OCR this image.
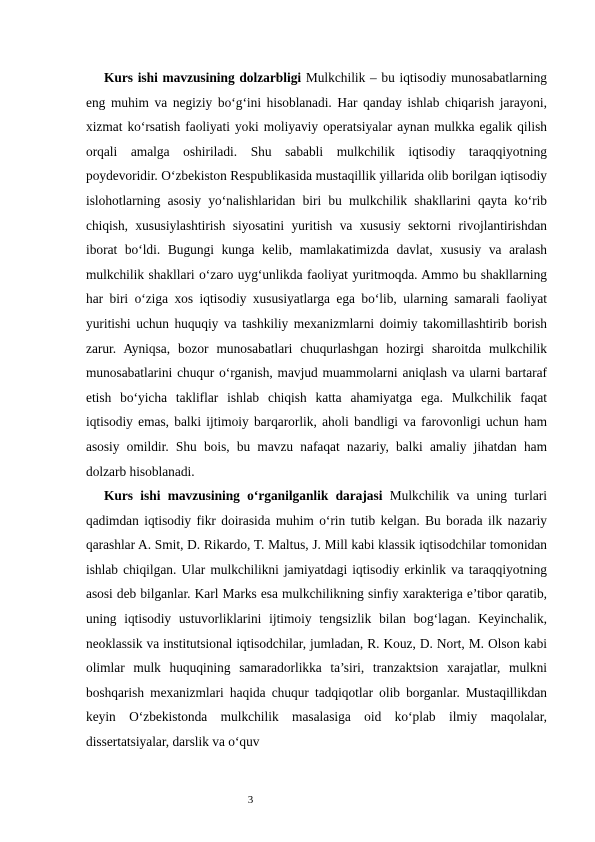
Kurs ishi mavzusining dolzarbligi Mulkchilik – bu iqtisodiy munosabatlarning eng muhim va negiziy bo‘g‘ini hisoblanadi. Har qanday ishlab chiqarish jarayoni, xizmat ko‘rsatish faoliyati yoki moliyaviy operatsiyalar aynan mulkka egalik qilish orqali amalga oshiriladi. Shu sababli mulkchilik iqtisodiy taraqqiyotning poydevoridir. O‘zbekiston Respublikasida mustaqillik yillarida olib borilgan iqtisodiy islohotlarning asosiy yo‘nalishlaridan biri bu mulkchilik shakllarini qayta ko‘rib chiqish, xususiylashtirish siyosatini yuritish va xususiy sektorni rivojlantirishdan iborat bo‘ldi. Bugungi kunga kelib, mamlakatimizda davlat, xususiy va aralash mulkchilik shakllari o‘zaro uyg‘unlikda faoliyat yuritmoqda. Ammo bu shakllarning har biri o‘ziga xos iqtisodiy xususiyatlarga ega bo‘lib, ularning samarali faoliyat yuritishi uchun huquqiy va tashkiliy mexanizmlarni doimiy takomillashtirib borish zarur. Ayniqsa, bozor munosabatlari chuqurlashgan hozirgi sharoitda mulkchilik munosabatlarini chuqur o‘rganish, mavjud muammolarni aniqlash va ularni bartaraf etish bo‘yicha takliflar ishlab chiqish katta ahamiyatga ega. Mulkchilik faqat iqtisodiy emas, balki ijtimoiy barqarorlik, aholi bandligi va farovonligi uchun ham asosiy omildir. Shu bois, bu mavzu nafaqat nazariy, balki amaliy jihatdan ham dolzarb hisoblanadi.

Kurs ishi mavzusining o‘rganilganlik darajasi Mulkchilik va uning turlari qadimdan iqtisodiy fikr doirasida muhim o‘rin tutib kelgan. Bu borada ilk nazariy qarashlar A. Smit, D. Rikardo, T. Maltus, J. Mill kabi klassik iqtisodchilar tomonidan ishlab chiqilgan. Ular mulkchilikni jamiyatdagi iqtisodiy erkinlik va taraqqiyotning asosi deb bilganlar. Karl Marks esa mulkchilikning sinfiy xarakteriga e’tibor qaratib, uning iqtisodiy ustuvorliklarini ijtimoiy tengsizlik bilan bog‘lagan. Keyinchalik, neoklassik va institutsional iqtisodchilar, jumladan, R. Kouz, D. Nort, M. Olson kabi olimlar mulk huquqining samaradorlikka ta’siri, tranzaktsion xarajatlar, mulkni boshqarish mexanizmlari haqida chuqur tadqiqotlar olib borganlar. Mustaqillikdan keyin O‘zbekistonda mulkchilik masalasiga oid ko‘plab ilmiy maqolalar, dissertatsiyalar, darslik va o‘quv

3
